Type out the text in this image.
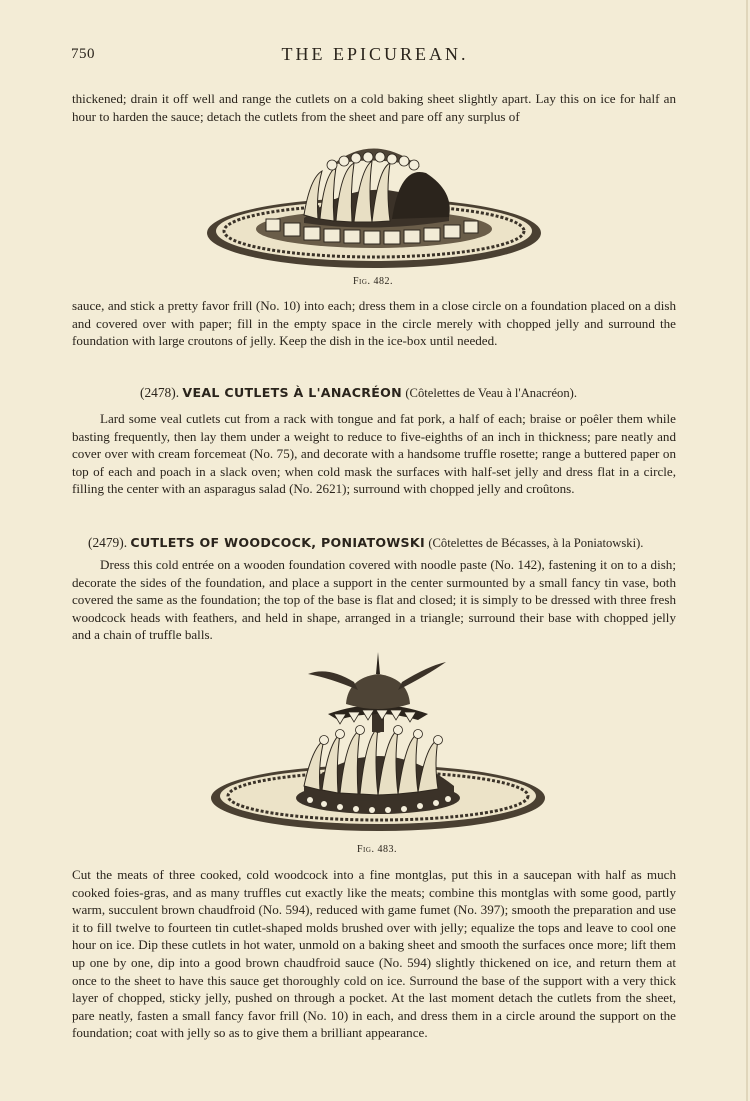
750	THE EPICUREAN.

thickened; drain it off well and range the cutlets on a cold baking sheet slightly apart. Lay this on ice for half an hour to harden the sauce; detach the cutlets from the sheet and pare off any surplus of

Fig. 482.

sauce, and stick a pretty favor frill (No. 10) into each; dress them in a close circle on a foundation placed on a dish and covered over with paper; fill in the empty space in the circle merely with chopped jelly and surround the foundation with large croutons of jelly. Keep the dish in the ice-box until needed.

(2478). VEAL CUTLETS À L'ANACRÉON (Côtelettes de Veau à l'Anacréon).

Lard some veal cutlets cut from a rack with tongue and fat pork, a half of each; braise or poêler them while basting frequently, then lay them under a weight to reduce to five-eighths of an inch in thickness; pare neatly and cover over with cream forcemeat (No. 75), and decorate with a handsome truffle rosette; range a buttered paper on top of each and poach in a slack oven; when cold mask the surfaces with half-set jelly and dress flat in a circle, filling the center with an asparagus salad (No. 2621); surround with chopped jelly and croûtons.

(2479). CUTLETS OF WOODCOCK, PONIATOWSKI (Côtelettes de Bécasses, à la Poniatowski).

Dress this cold entrée on a wooden foundation covered with noodle paste (No. 142), fastening it on to a dish; decorate the sides of the foundation, and place a support in the center surmounted by a small fancy tin vase, both covered the same as the foundation; the top of the base is flat and closed; it is simply to be dressed with three fresh woodcock heads with feathers, and held in shape, arranged in a triangle; surround their base with chopped jelly and a chain of truffle balls.

Fig. 483.

Cut the meats of three cooked, cold woodcock into a fine montglas, put this in a saucepan with half as much cooked foies-gras, and as many truffles cut exactly like the meats; combine this montglas with some good, partly warm, succulent brown chaudfroid (No. 594), reduced with game fumet (No. 397); smooth the preparation and use it to fill twelve to fourteen tin cutlet-shaped molds brushed over with jelly; equalize the tops and leave to cool one hour on ice. Dip these cutlets in hot water, unmold on a baking sheet and smooth the surfaces once more; lift them up one by one, dip into a good brown chaudfroid sauce (No. 594) slightly thickened on ice, and return them at once to the sheet to have this sauce get thoroughly cold on ice. Surround the base of the support with a very thick layer of chopped, sticky jelly, pushed on through a pocket. At the last moment detach the cutlets from the sheet, pare neatly, fasten a small fancy favor frill (No. 10) in each, and dress them in a circle around the support on the foundation; coat with jelly so as to give them a brilliant appearance.
